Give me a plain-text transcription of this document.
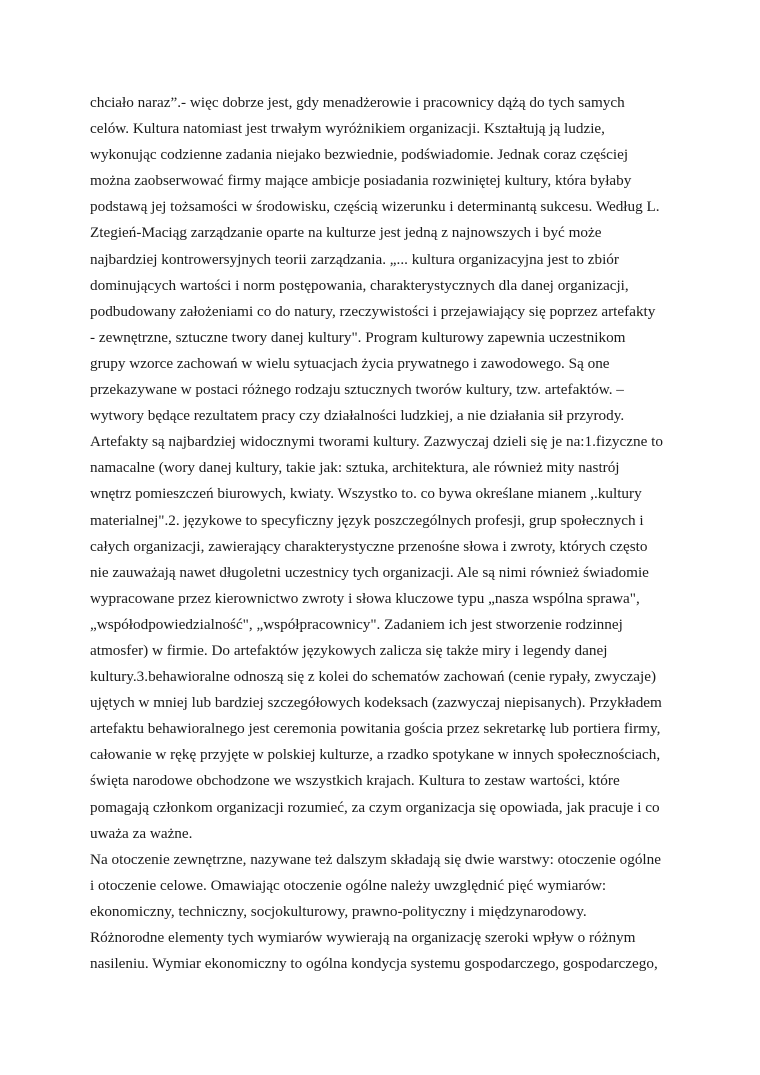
chciało naraz”.- więc dobrze jest, gdy menadżerowie i pracownicy dążą do tych samych
celów. Kultura natomiast jest trwałym wyróżnikiem organizacji. Kształtują ją ludzie,
wykonując codzienne zadania niejako bezwiednie, podświadomie. Jednak coraz częściej
można zaobserwować firmy mające ambicje posiadania rozwiniętej kultury, która byłaby
podstawą jej tożsamości w środowisku, częścią wizerunku i determinantą sukcesu. Według L.
Ztegień-Maciąg zarządzanie oparte na kulturze jest jedną z najnowszych i być może
najbardziej kontrowersyjnych teorii zarządzania. „... kultura organizacyjna jest to zbiór
dominujących wartości i norm postępowania, charakterystycznych dla danej organizacji,
podbudowany założeniami co do natury, rzeczywistości i przejawiający się poprzez artefakty
- zewnętrzne, sztuczne twory danej kultury". Program kulturowy zapewnia uczestnikom
grupy wzorce zachowań w wielu sytuacjach życia prywatnego i zawodowego. Są one
przekazywane w postaci różnego rodzaju sztucznych tworów kultury, tzw. artefaktów. –
wytwory będące rezultatem pracy czy działalności ludzkiej, a nie działania sił przyrody.
Artefakty są najbardziej widocznymi tworami kultury. Zazwyczaj dzieli się je na:1.fizyczne to
namacalne (wory danej kultury, takie jak: sztuka, architektura, ale również mity nastrój
wnętrz pomieszczeń biurowych, kwiaty. Wszystko to. co bywa określane mianem ,.kultury
materialnej".2. językowe to specyficzny język poszczególnych profesji, grup społecznych i
całych organizacji, zawierający charakterystyczne przenośne słowa i zwroty, których często
nie zauważają nawet długoletni uczestnicy tych organizacji. Ale są nimi również świadomie
wypracowane przez kierownictwo zwroty i słowa kluczowe typu „nasza wspólna sprawa",
„współodpowiedzialność", „współpracownicy". Zadaniem ich jest stworzenie rodzinnej
atmosfer) w firmie. Do artefaktów językowych zalicza się także miry i legendy danej
kultury.3.behawioralne odnoszą się z kolei do schematów zachowań (cenie rypały, zwyczaje)
ujętych w mniej lub bardziej szczegółowych kodeksach (zazwyczaj niepisanych). Przykładem
artefaktu behawioralnego jest ceremonia powitania gościa przez sekretarkę lub portiera firmy,
całowanie w rękę przyjęte w polskiej kulturze, a rzadko spotykane w innych społecznościach,
święta narodowe obchodzone we wszystkich krajach. Kultura to zestaw wartości, które
pomagają członkom organizacji rozumieć, za czym organizacja się opowiada, jak pracuje i co
uważa za ważne.
Na otoczenie zewnętrzne, nazywane też dalszym składają się dwie warstwy: otoczenie ogólne
i otoczenie celowe. Omawiając otoczenie ogólne należy uwzględnić pięć wymiarów:
ekonomiczny, techniczny, socjokulturowy, prawno-polityczny i międzynarodowy.
Różnorodne elementy tych wymiarów wywierają na organizację szeroki wpływ o różnym
nasileniu. Wymiar ekonomiczny to ogólna kondycja systemu gospodarczego, gospodarczego,
